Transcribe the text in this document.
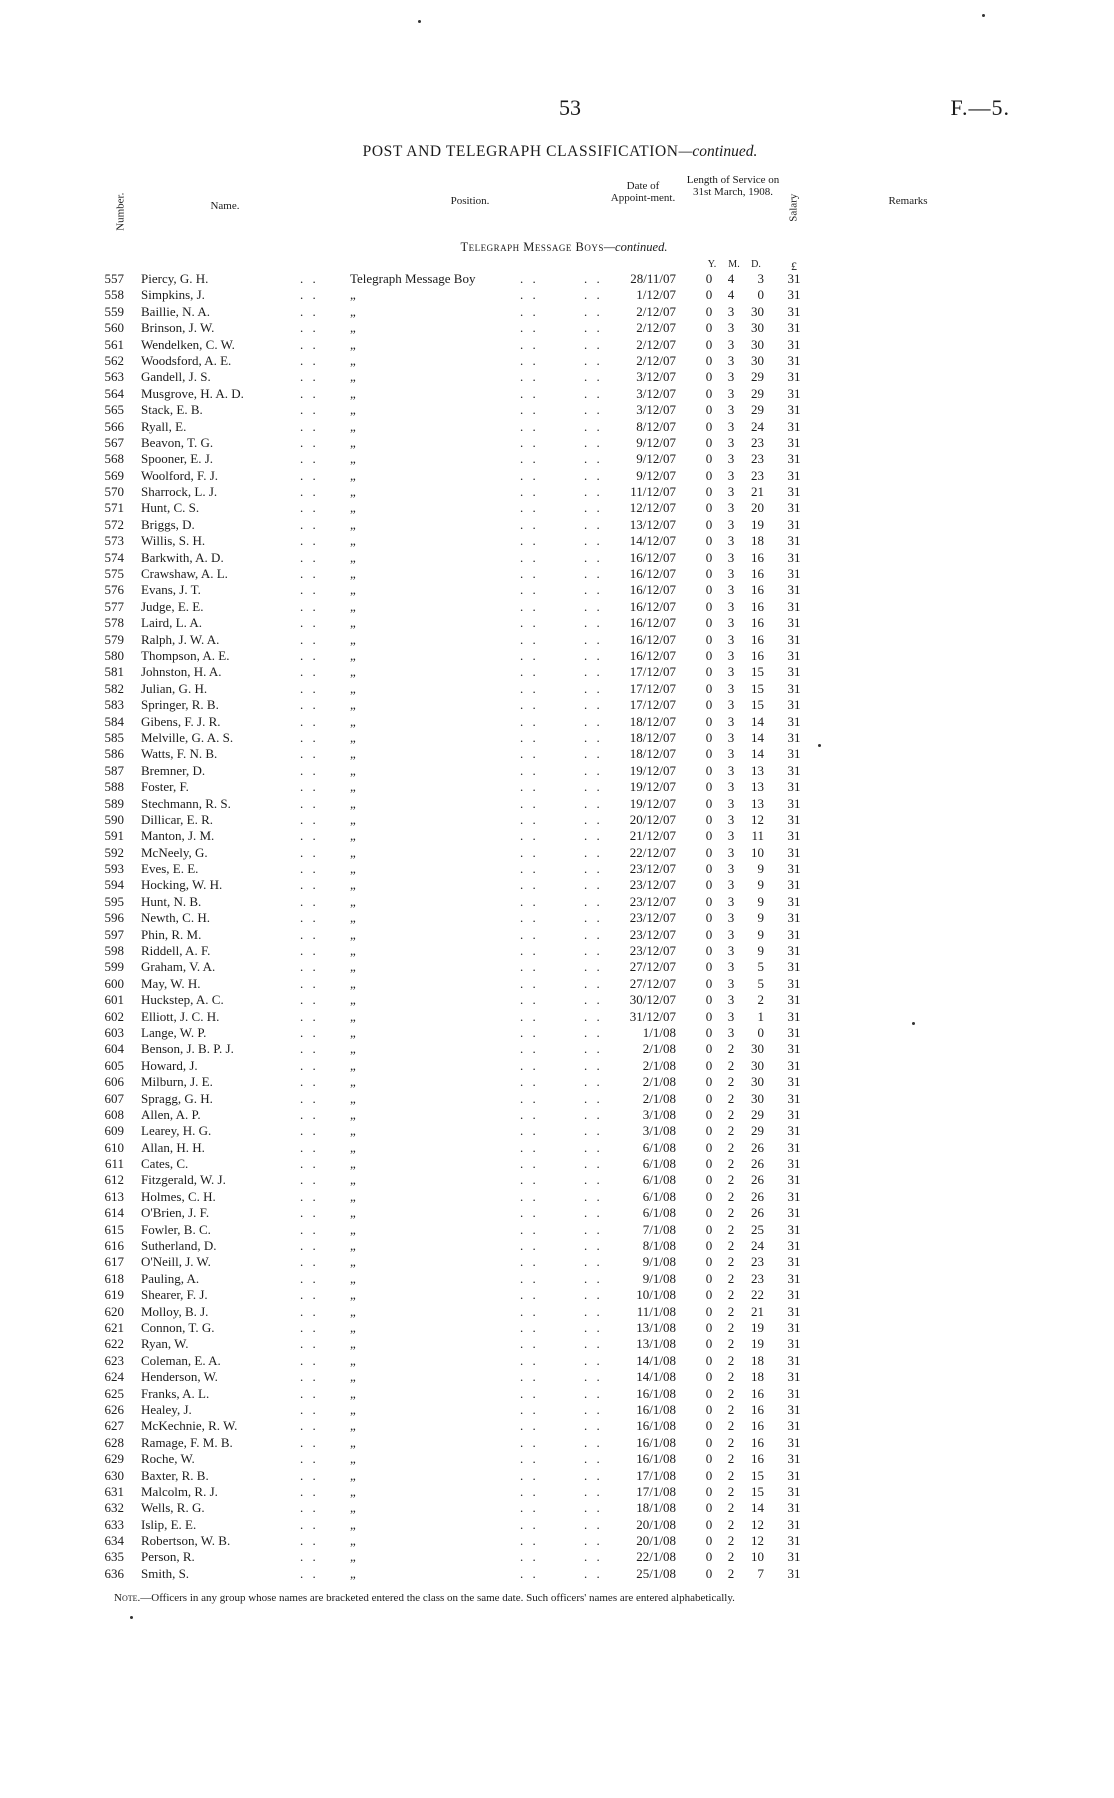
53	F.—5.
POST AND TELEGRAPH CLASSIFICATION—continued.
Number.	Name.	Position.
Date of Appoint-ment.
Length of Service on 31st March, 1908.
Salary	Remarks
Telegraph Message Boys—continued.
Y.	M.	D.	£
557 Piercy, G. H.	. .	Telegraph Message Boy	. .	. .	28/11/07 0 4	3	31
558 Simpkins, J.	. .	„	. .	. .	1/12/07 0 4	0	31
559 Baillie, N. A.	. .	„	. .	. .	2/12/07 0 3	30	31
560 Brinson, J. W.	. .	„	. .	. .	2/12/07 0 3	30	31
561 Wendelken, C. W.	. .	„	. .	. .	2/12/07 0 3	30	31
562 Woodsford, A. E.	. .	„	. .	. .	2/12/07 0 3	30	31
563 Gandell, J. S.	. .	„	. .	. .	3/12/07 0 3	29	31
564 Musgrove, H. A. D.	. .	„	. .	. .	3/12/07 0 3	29	31
565 Stack, E. B.	. .	„	. .	. .	3/12/07 0 3	29	31
566 Ryall, E.	. .	„	. .	. .	8/12/07 0 3	24	31
567 Beavon, T. G.	. .	„	. .	. .	9/12/07 0 3	23	31
568 Spooner, E. J.	. .	„	. .	. .	9/12/07 0 3	23	31
569 Woolford, F. J.	. .	„	. .	. .	9/12/07 0 3	23	31
570 Sharrock, L. J.	. .	„	. .	. .	11/12/07 0 3	21	31
571 Hunt, C. S.	. .	„	. .	. .	12/12/07 0 3	20	31
572 Briggs, D.	. .	„	. .	. .	13/12/07 0 3	19	31
573 Willis, S. H.	. .	„	. .	. .	14/12/07 0 3	18	31
574 Barkwith, A. D.	. .	„	. .	. .	16/12/07 0 3	16	31
575 Crawshaw, A. L.	. .	„	. .	. .	16/12/07 0 3	16	31
576 Evans, J. T.	. .	„	. .	. .	16/12/07 0 3	16	31
577 Judge, E. E.	. .	„	. .	. .	16/12/07 0 3	16	31
578 Laird, L. A.	. .	„	. .	. .	16/12/07 0 3	16	31
579 Ralph, J. W. A.	. .	„	. .	. .	16/12/07 0 3	16	31
580 Thompson, A. E.	. .	„	. .	. .	16/12/07 0 3	16	31
581 Johnston, H. A.	. .	„	. .	. .	17/12/07 0 3	15	31
582 Julian, G. H.	. .	„	. .	. .	17/12/07 0 3	15	31
583 Springer, R. B.	. .	„	. .	. .	17/12/07 0 3	15	31
584 Gibens, F. J. R.	. .	„	. .	. .	18/12/07 0 3	14	31
585 Melville, G. A. S.	. .	„	. .	. .	18/12/07 0 3	14	31
586 Watts, F. N. B.	. .	„	. .	. .	18/12/07 0 3	14	31
587 Bremner, D.	. .	„	. .	. .	19/12/07 0 3	13	31
588 Foster, F.	. .	„	. .	. .	19/12/07 0 3	13	31
589 Stechmann, R. S.	. .	„	. .	. .	19/12/07 0 3	13	31
590 Dillicar, E. R.	. .	„	. .	. .	20/12/07 0 3	12	31
591 Manton, J. M.	. .	„	. .	. .	21/12/07 0 3	11	31
592 McNeely, G.	. .	„	. .	. .	22/12/07 0 3	10	31
593 Eves, E. E.	. .	„	. .	. .	23/12/07 0 3	9	31
594 Hocking, W. H.	. .	„	. .	. .	23/12/07 0 3	9	31
595 Hunt, N. B.	. .	„	. .	. .	23/12/07 0 3	9	31
596 Newth, C. H.	. .	„	. .	. .	23/12/07 0 3	9	31
597 Phin, R. M.	. .	„	. .	. .	23/12/07 0 3	9	31
598 Riddell, A. F.	. .	„	. .	. .	23/12/07 0 3	9	31
599 Graham, V. A.	. .	„	. .	. .	27/12/07 0 3	5	31
600 May, W. H.	. .	„	. .	. .	27/12/07 0 3	5	31
601 Huckstep, A. C.	. .	„	. .	. .	30/12/07 0 3	2	31
602 Elliott, J. C. H.	. .	„	. .	. .	31/12/07 0 3	1	31
603 Lange, W. P.	. .	„	. .	. .	1/1/08 0 3	0	31
604 Benson, J. B. P. J.	. .	„	. .	. .	2/1/08 0 2	30	31
605 Howard, J.	. .	„	. .	. .	2/1/08 0 2	30	31
606 Milburn, J. E.	. .	„	. .	. .	2/1/08 0 2	30	31
607 Spragg, G. H.	. .	„	. .	. .	2/1/08 0 2	30	31
608 Allen, A. P.	. .	„	. .	. .	3/1/08 0 2	29	31
609 Learey, H. G.	. .	„	. .	. .	3/1/08 0 2	29	31
610 Allan, H. H.	. .	„	. .	. .	6/1/08 0 2	26	31
611 Cates, C.	. .	„	. .	. .	6/1/08 0 2	26	31
612 Fitzgerald, W. J.	. .	„	. .	. .	6/1/08 0 2	26	31
613 Holmes, C. H.	. .	„	. .	. .	6/1/08 0 2	26	31
614 O'Brien, J. F.	. .	„	. .	. .	6/1/08 0 2	26	31
615 Fowler, B. C.	. .	„	. .	. .	7/1/08 0 2	25	31
616 Sutherland, D.	. .	„	. .	. .	8/1/08 0 2	24	31
617 O'Neill, J. W.	. .	„	. .	. .	9/1/08 0 2	23	31
618 Pauling, A.	. .	„	. .	. .	9/1/08 0 2	23	31
619 Shearer, F. J.	. .	„	. .	. .	10/1/08 0 2	22	31
620 Molloy, B. J.	. .	„	. .	. .	11/1/08 0 2	21	31
621 Connon, T. G.	. .	„	. .	. .	13/1/08 0 2	19	31
622 Ryan, W.	. .	„	. .	. .	13/1/08 0 2	19	31
623 Coleman, E. A.	. .	„	. .	. .	14/1/08 0 2	18	31
624 Henderson, W.	. .	„	. .	. .	14/1/08 0 2	18	31
625 Franks, A. L.	. .	„	. .	. .	16/1/08 0 2	16	31
626 Healey, J.	. .	„	. .	. .	16/1/08 0 2	16	31
627 McKechnie, R. W.	. .	„	. .	. .	16/1/08 0 2	16	31
628 Ramage, F. M. B.	. .	„	. .	. .	16/1/08 0 2	16	31
629 Roche, W.	. .	„	. .	. .	16/1/08 0 2	16	31
630 Baxter, R. B.	. .	„	. .	. .	17/1/08 0 2	15	31
631 Malcolm, R. J.	. .	„	. .	. .	17/1/08 0 2	15	31
632 Wells, R. G.	. .	„	. .	. .	18/1/08 0 2	14	31
633 Islip, E. E.	. .	„	. .	. .	20/1/08 0 2	12	31
634 Robertson, W. B.	. .	„	. .	. .	20/1/08 0 2	12	31
635 Person, R.	. .	„	. .	. .	22/1/08 0 2	10	31
636 Smith, S.	. .	„	. .	. .	25/1/08 0 2	7	31
Note.—Officers in any group whose names are bracketed entered the class on the same date. Such officers' names are entered alphabetically.
